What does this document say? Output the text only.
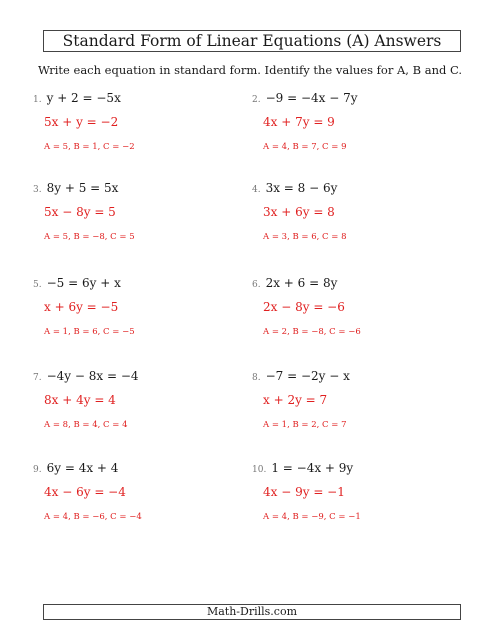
Standard Form of Linear Equations (A) Answers
Write each equation in standard form. Identify the values for A, B and C.
1. y + 2 = −5x
5x + y = −2
A = 5, B = 1, C = −2
2. −9 = −4x − 7y
4x + 7y = 9
A = 4, B = 7, C = 9
3. 8y + 5 = 5x
5x − 8y = 5
A = 5, B = −8, C = 5
4. 3x = 8 − 6y
3x + 6y = 8
A = 3, B = 6, C = 8
5. −5 = 6y + x
x + 6y = −5
A = 1, B = 6, C = −5
6. 2x + 6 = 8y
2x − 8y = −6
A = 2, B = −8, C = −6
7. −4y − 8x = −4
8x + 4y = 4
A = 8, B = 4, C = 4
8. −7 = −2y − x
x + 2y = 7
A = 1, B = 2, C = 7
9. 6y = 4x + 4
4x − 6y = −4
A = 4, B = −6, C = −4
10. 1 = −4x + 9y
4x − 9y = −1
A = 4, B = −9, C = −1
Math-Drills.com
